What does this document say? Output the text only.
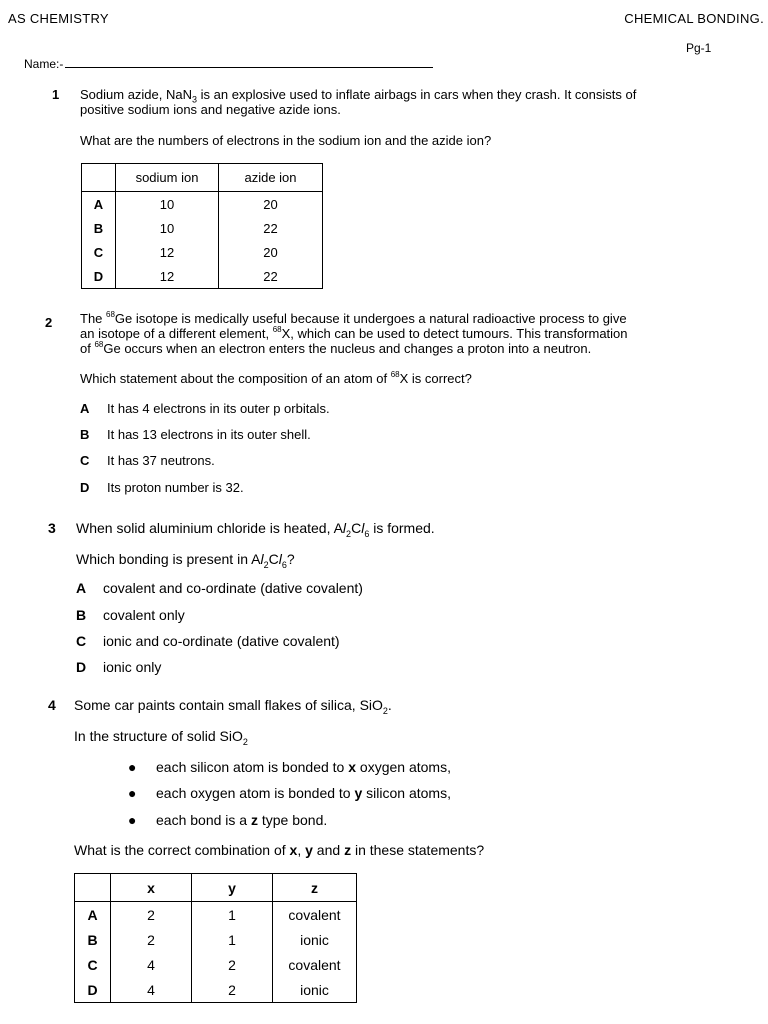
AS CHEMISTRY	CHEMICAL BONDING.
Pg-1
Name:-
1 Sodium azide, NaN$_3$ is an explosive used to inflate airbags in cars when they crash. It consists of
positive sodium ions and negative azide ions.
What are the numbers of electrons in the sodium ion and the azide ion?
	sodium ion	azide ion
A	10	20
B	10	22
C	12	20
D	12	22
2 The $^{68}$Ge isotope is medically useful because it undergoes a natural radioactive process to give
an isotope of a different element, $^{68}$X, which can be used to detect tumours. This transformation
of $^{68}$Ge occurs when an electron enters the nucleus and changes a proton into a neutron.
Which statement about the composition of an atom of $^{68}$X is correct?
A It has 4 electrons in its outer p orbitals.
B It has 13 electrons in its outer shell.
C It has 37 neutrons.
D Its proton number is 32.
3 When solid aluminium chloride is heated, $Al_2Cl_6$ is formed.
Which bonding is present in $Al_2Cl_6$?
A covalent and co-ordinate (dative covalent)
B covalent only
C ionic and co-ordinate (dative covalent)
D ionic only
4 Some car paints contain small flakes of silica, SiO$_2$.
In the structure of solid SiO$_2$
● each silicon atom is bonded to x oxygen atoms,
● each oxygen atom is bonded to y silicon atoms,
● each bond is a z type bond.
What is the correct combination of x, y and z in these statements?
	x	y	z
A	2	1	covalent
B	2	1	ionic
C	4	2	covalent
D	4	2	ionic
